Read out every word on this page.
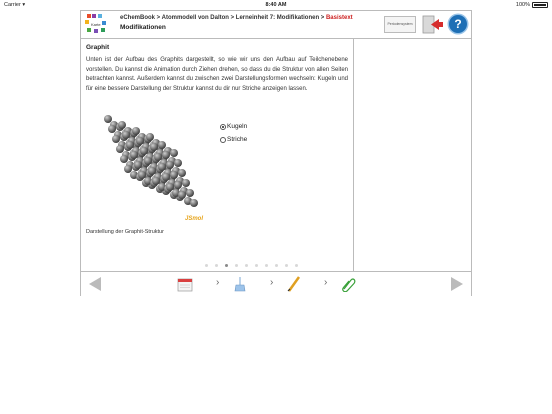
Carrier ▾	8:40 AM	100%
Karte
eChemBook > Atommodell von Dalton > Lerneinheit 7: Modifikationen > Basistext
Modifikationen	Periodensystem	?
Graphit
Unten ist der Aufbau des Graphits dargestellt, so wie wir uns den Aufbau auf Teilchenebene vorstellen. Du kannst die Animation durch Ziehen drehen, so dass du die Struktur von allen Seiten betrachten kannst. Außerdem kannst du zwischen zwei Darstellungsformen wechseln: Kugeln und für eine bessere Darstellung der Struktur kannst du dir nur Striche anzeigen lassen.
Kugeln
Striche
JSmol
Darstellung der Graphit-Struktur
›	›	›
